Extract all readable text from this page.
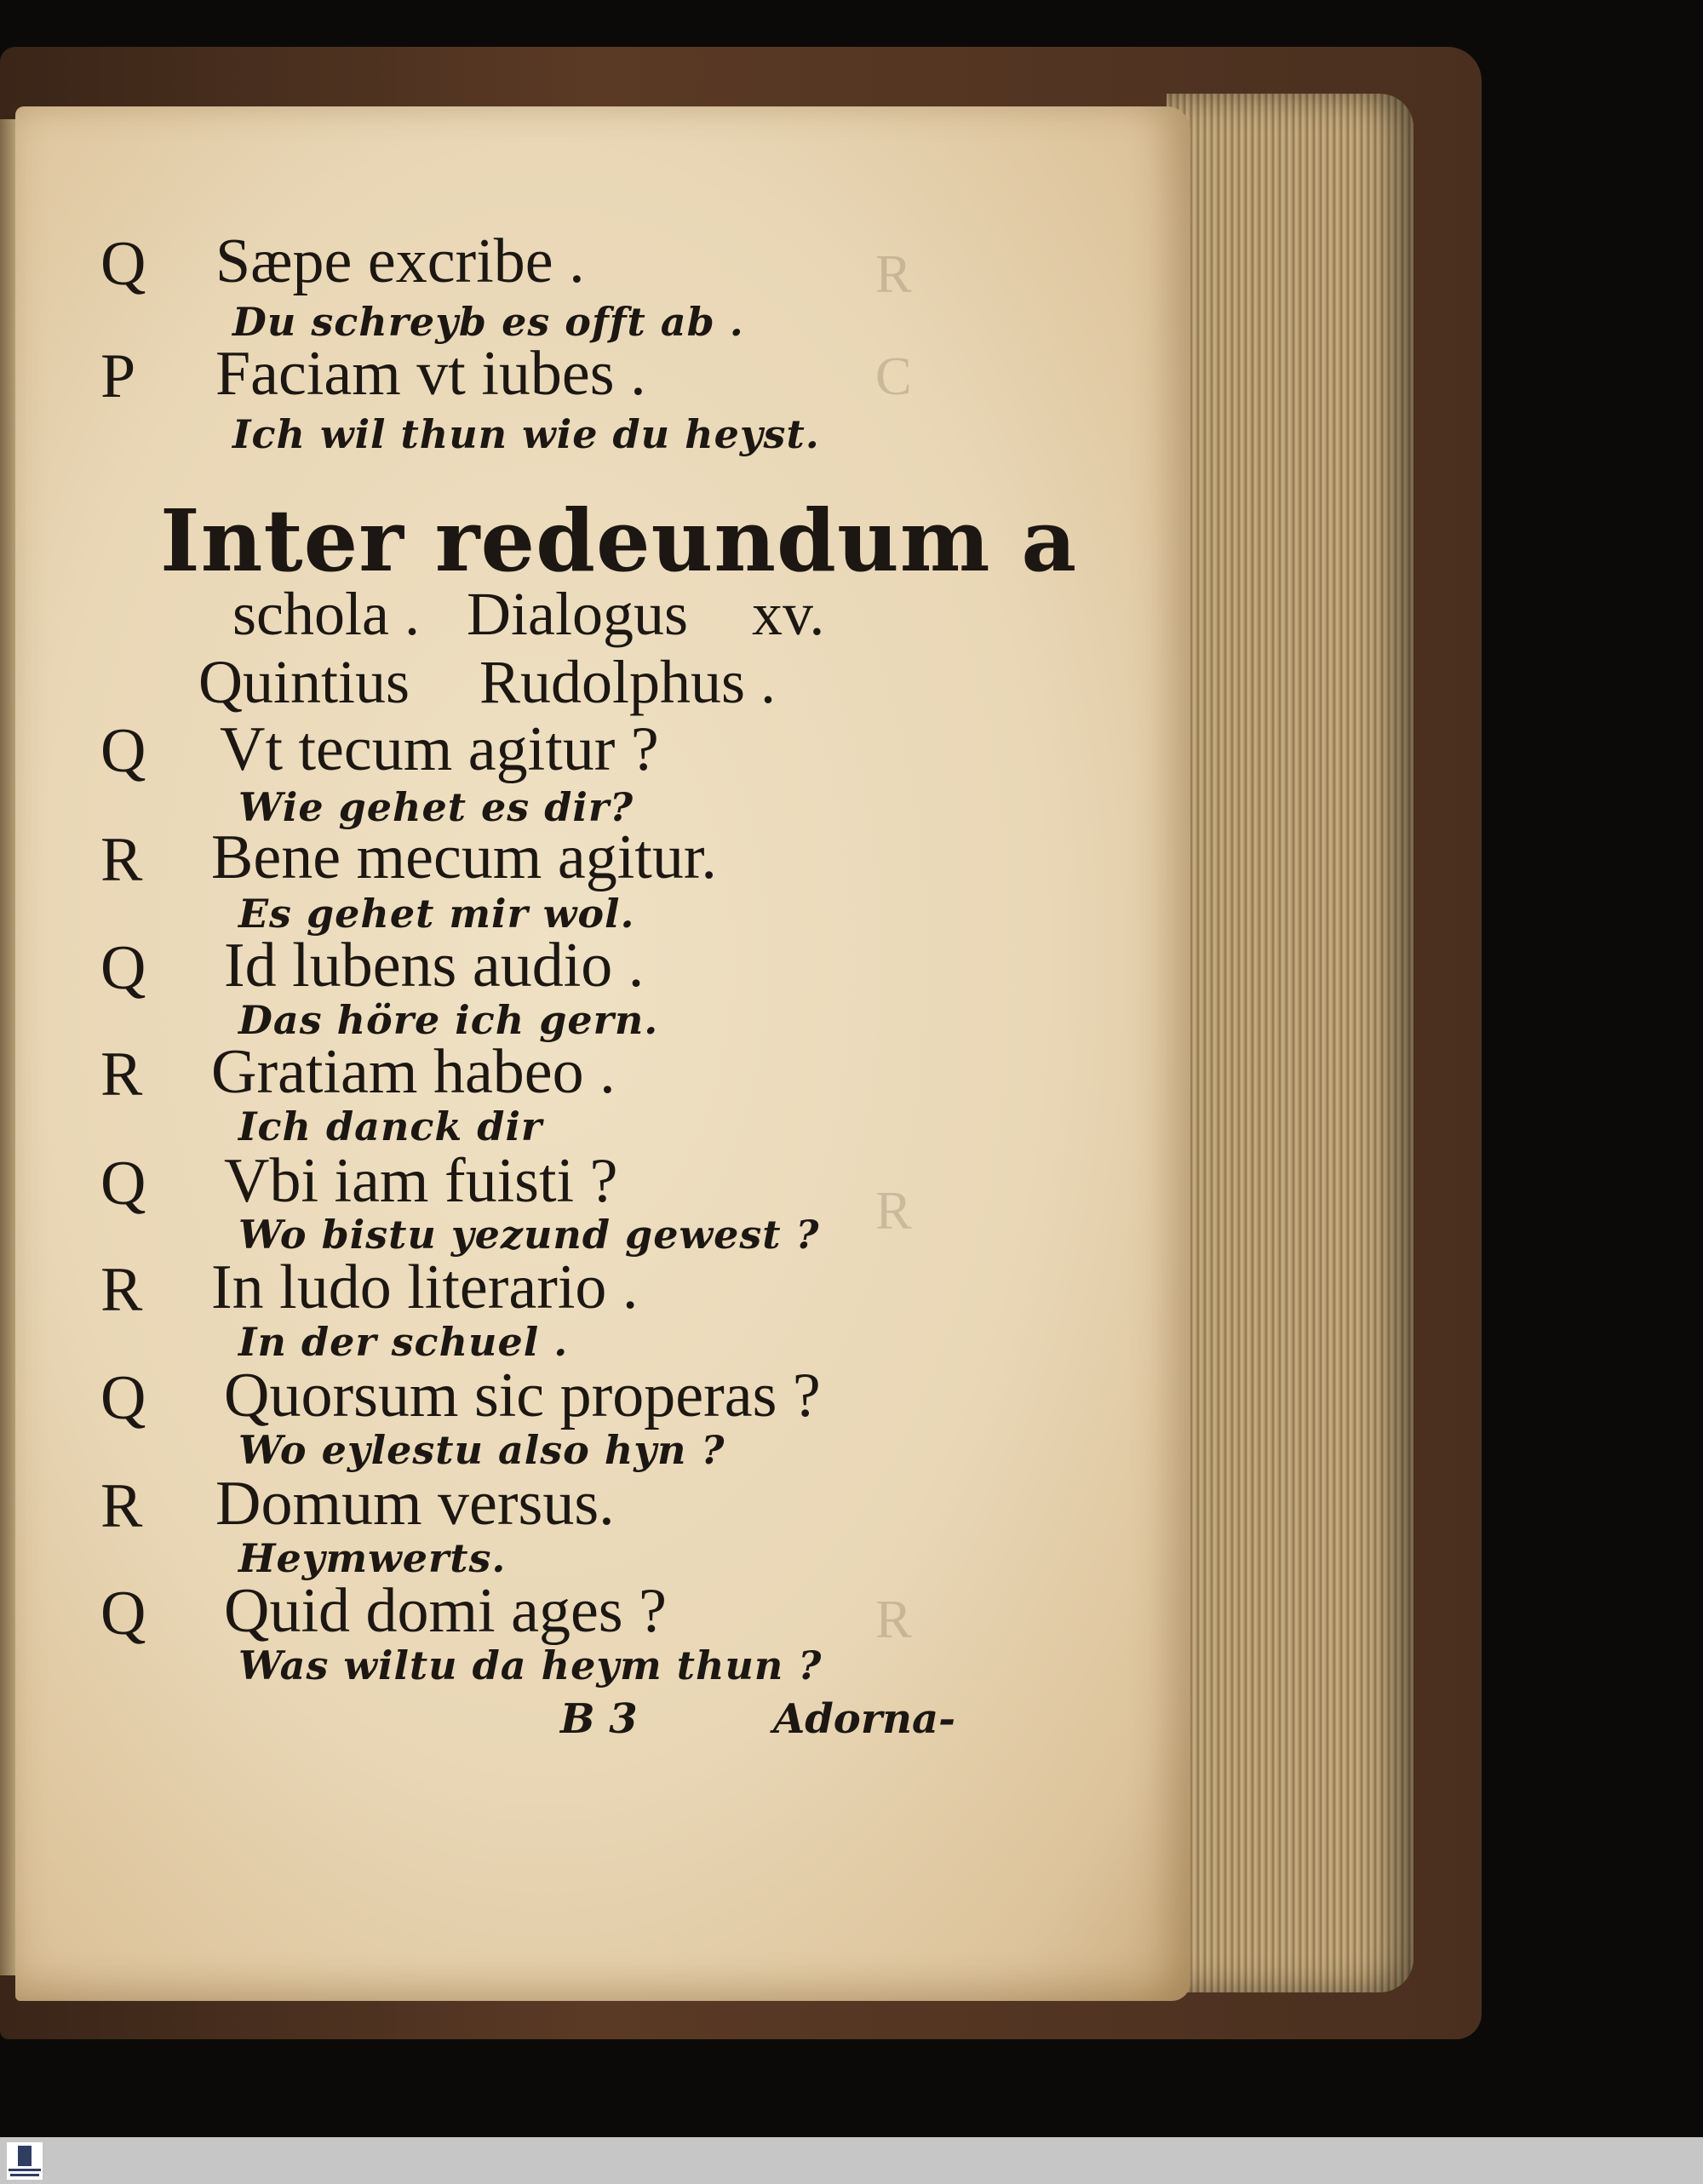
R
C
R
R
Q Sæpe excribe .
Du schreyb es offt ab .
P Faciam vt iubes .
Ich wil thun wie du heyst.
Inter redeundum a
schola . Dialogus xv.
Quintius Rudolphus .
Q Vt tecum agitur ?
Wie gehet es dir?
R Bene mecum agitur.
Es gehet mir wol.
Q Id lubens audio .
Das höre ich gern.
R Gratiam habeo .
Ich danck dir
Q Vbi iam fuisti ?
Wo bistu yezund gewest ?
R In ludo literario .
In der schuel .
Q Quorsum sic properas ?
Wo eylestu also hyn ?
R Domum versus.
Heymwerts.
Q Quid domi ages ?
Was wiltu da heym thun ?
B 3	Adorna-
